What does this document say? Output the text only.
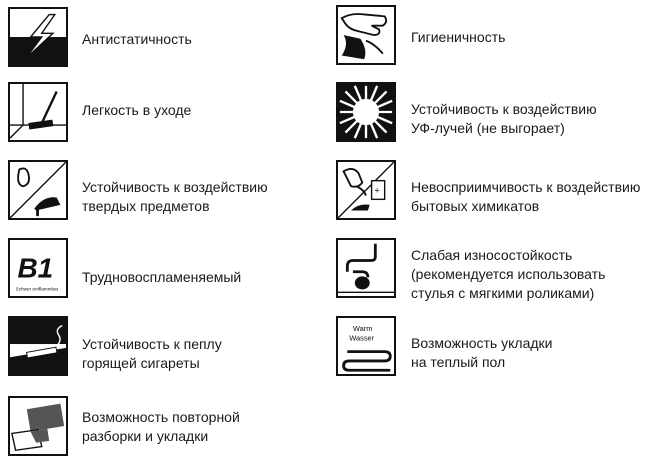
Антистатичность
Легкость в уходе
Устойчивость к воздействию
твердых предметов
B1
Schwer entflammbar
Трудновоспламеняемый
Устойчивость к пеплу
горящей сигареты
Возможность повторной
разборки и укладки
Гигиеничность
Устойчивость к воздействию
УФ-лучей (не выгорает)
+ Невосприимчивость к воздействию
бытовых химикатов
Слабая износостойкость
(рекомендуется использовать
стулья с мягкими роликами)
Warm
Wasser	Возможность укладки
на теплый пол
